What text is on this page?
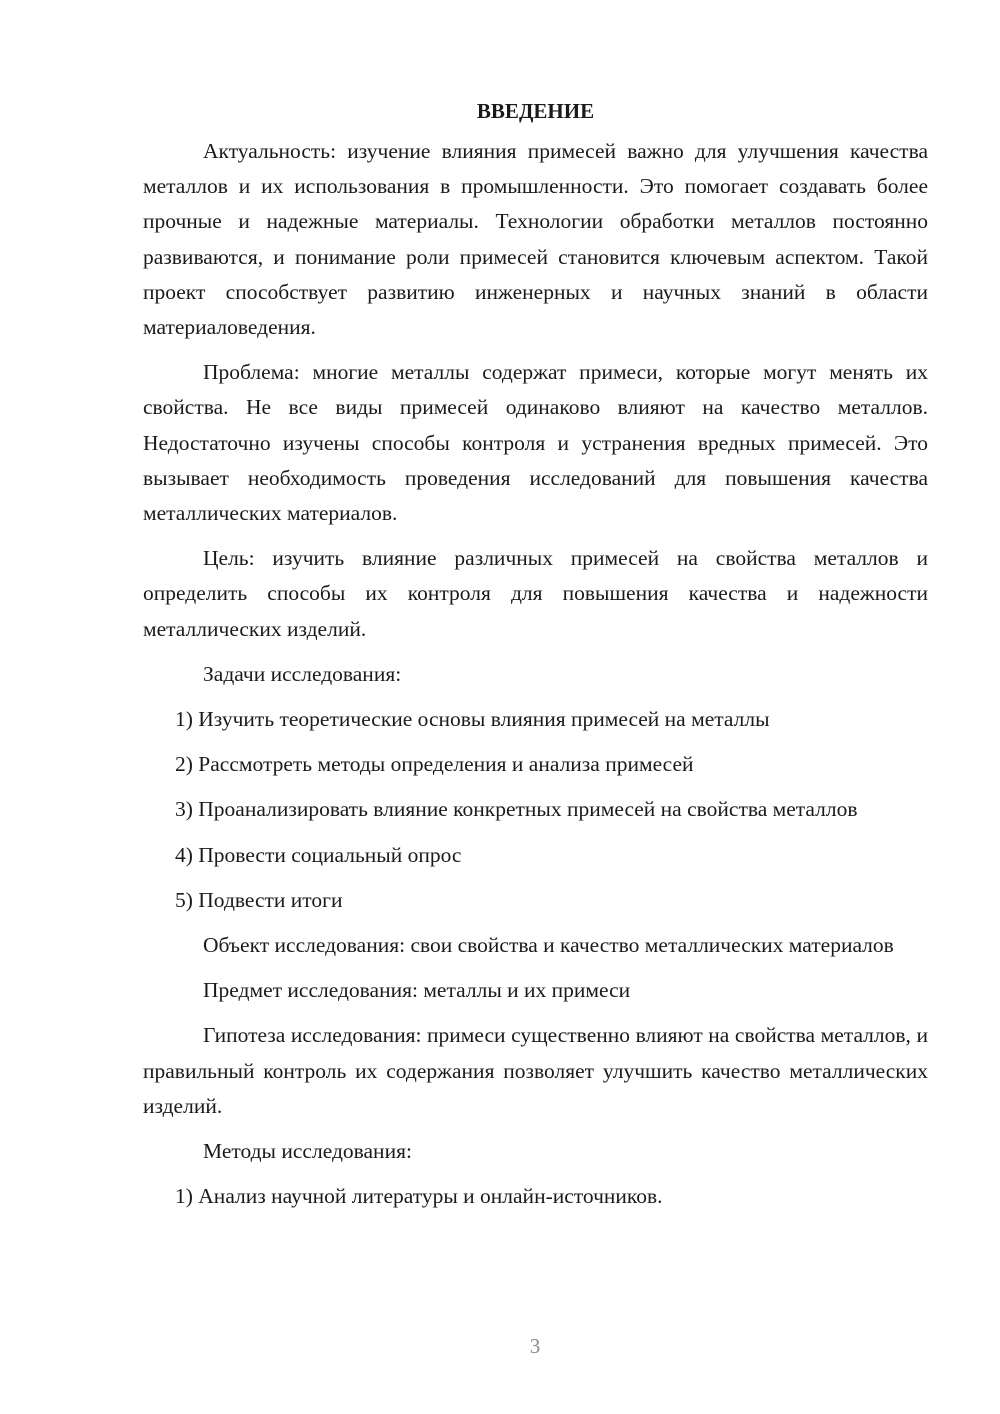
ВВЕДЕНИЕ

Актуальность: изучение влияния примесей важно для улучшения качества металлов и их использования в промышленности. Это помогает создавать более прочные и надежные материалы. Технологии обработки металлов постоянно развиваются, и понимание роли примесей становится ключевым аспектом. Такой проект способствует развитию инженерных и научных знаний в области материаловедения.

Проблема: многие металлы содержат примеси, которые могут менять их свойства. Не все виды примесей одинаково влияют на качество металлов. Недостаточно изучены способы контроля и устранения вредных примесей. Это вызывает необходимость проведения исследований для повышения качества металлических материалов.

Цель: изучить влияние различных примесей на свойства металлов и определить способы их контроля для повышения качества и надежности металлических изделий.

Задачи исследования:

1) Изучить теоретические основы влияния примесей на металлы

2) Рассмотреть методы определения и анализа примесей

3) Проанализировать влияние конкретных примесей на свойства металлов

4) Провести социальный опрос

5) Подвести итоги

Объект исследования: свои свойства и качество металлических материалов

Предмет исследования: металлы и их примеси

Гипотеза исследования: примеси существенно влияют на свойства металлов, и правильный контроль их содержания позволяет улучшить качество металлических изделий.

Методы исследования:

1) Анализ научной литературы и онлайн-источников.

3
